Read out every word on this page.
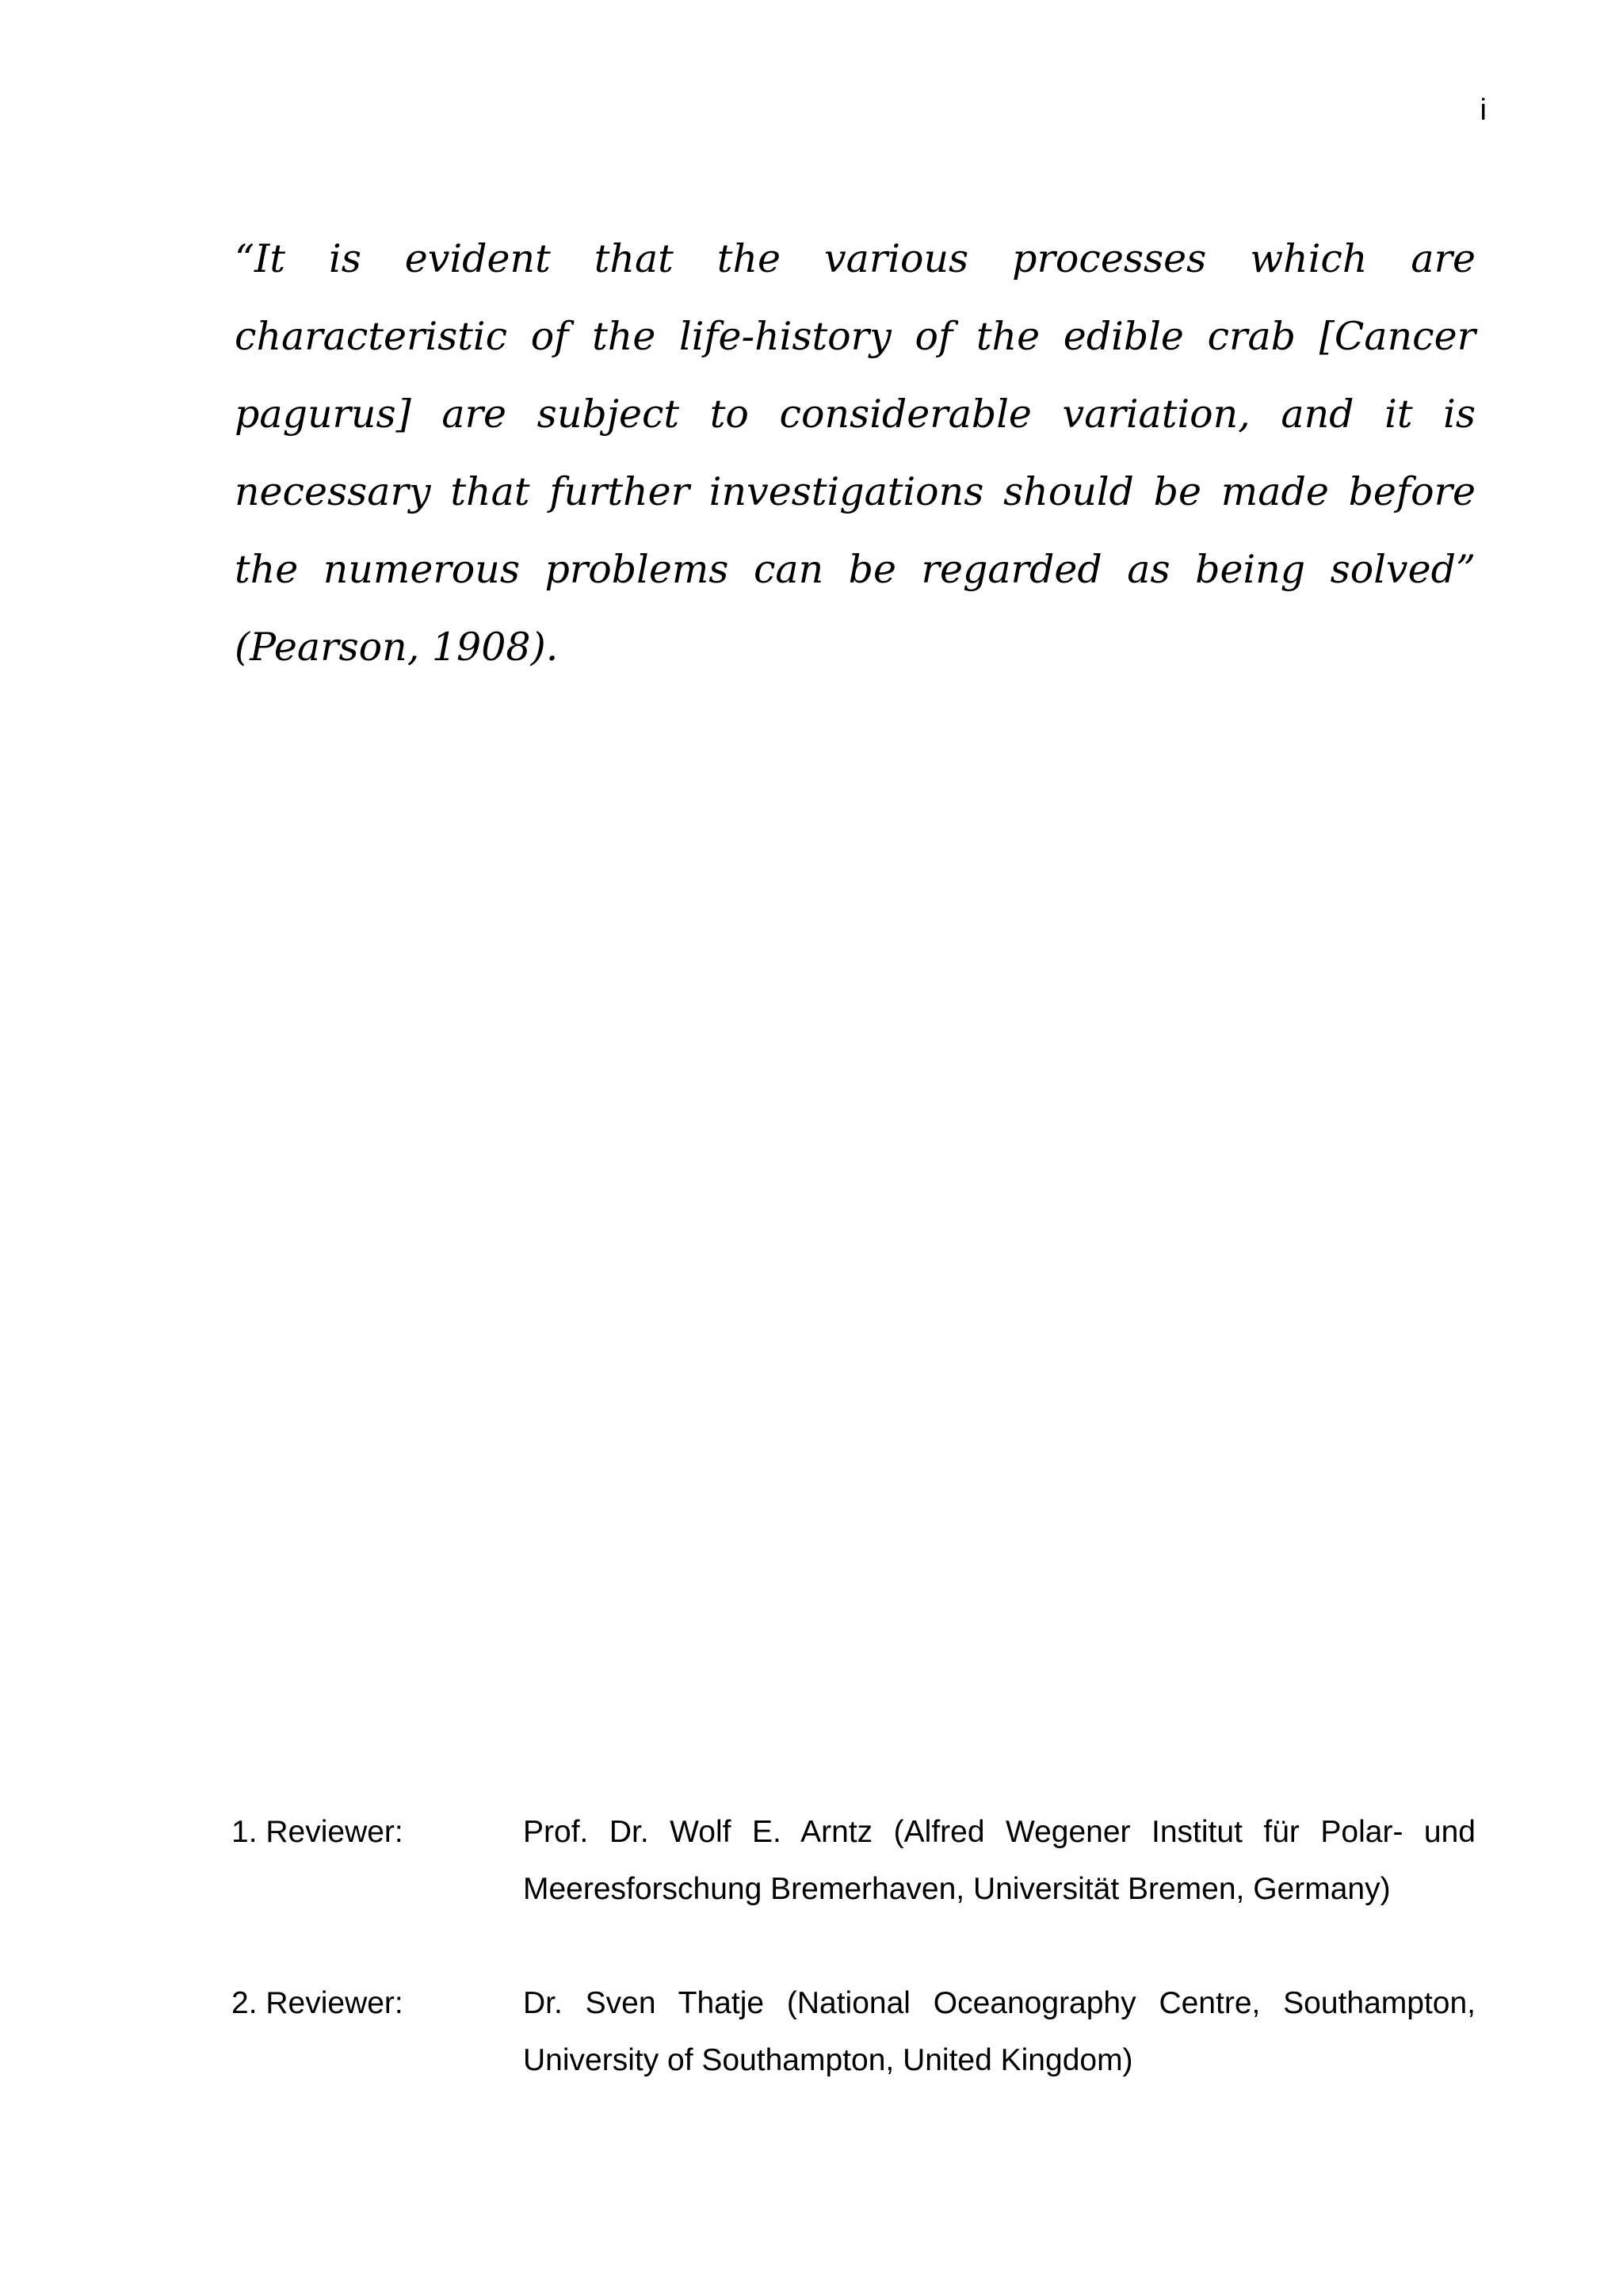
i

“It is evident that the various processes which are characteristic of the life-history of the edible crab [Cancer pagurus] are subject to considerable variation, and it is necessary that further investigations should be made before the numerous problems can be regarded as being solved” (Pearson, 1908).

1. Reviewer:	Prof. Dr. Wolf E. Arntz (Alfred Wegener Institut für Polar- und Meeresforschung Bremerhaven, Universität Bremen, Germany)
2. Reviewer:	Dr. Sven Thatje (National Oceanography Centre, Southampton, University of Southampton, United Kingdom)
